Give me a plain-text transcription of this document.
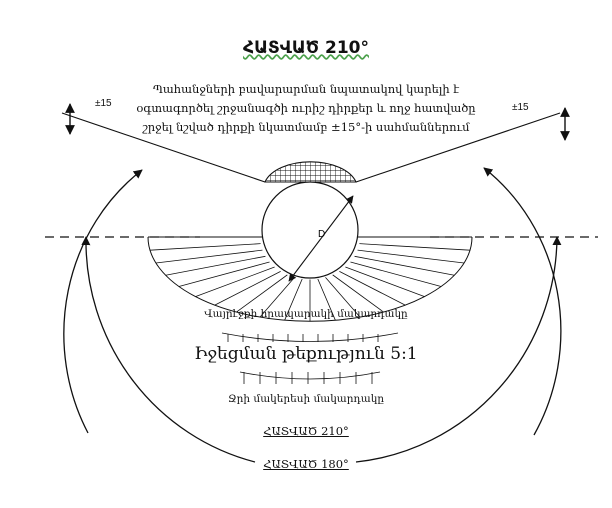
D
ՀԱՏՎԱԾ 210°
Պահանջների բավարարման նպատակով կարելի է օգտագործել շրջանագծի ուրիշ դիրքեր և ողջ հատվածը շրջել նշված դիրքի նկատմամբ ±15°-ի սահմաններում
±15	±15
Վայրէջքի հրապարակի մակարդակը
Իջեցման թեքություն 5:1
Ջրի մակերեսի մակարդակը
ՀԱՏՎԱԾ 210°
ՀԱՏՎԱԾ 180°
